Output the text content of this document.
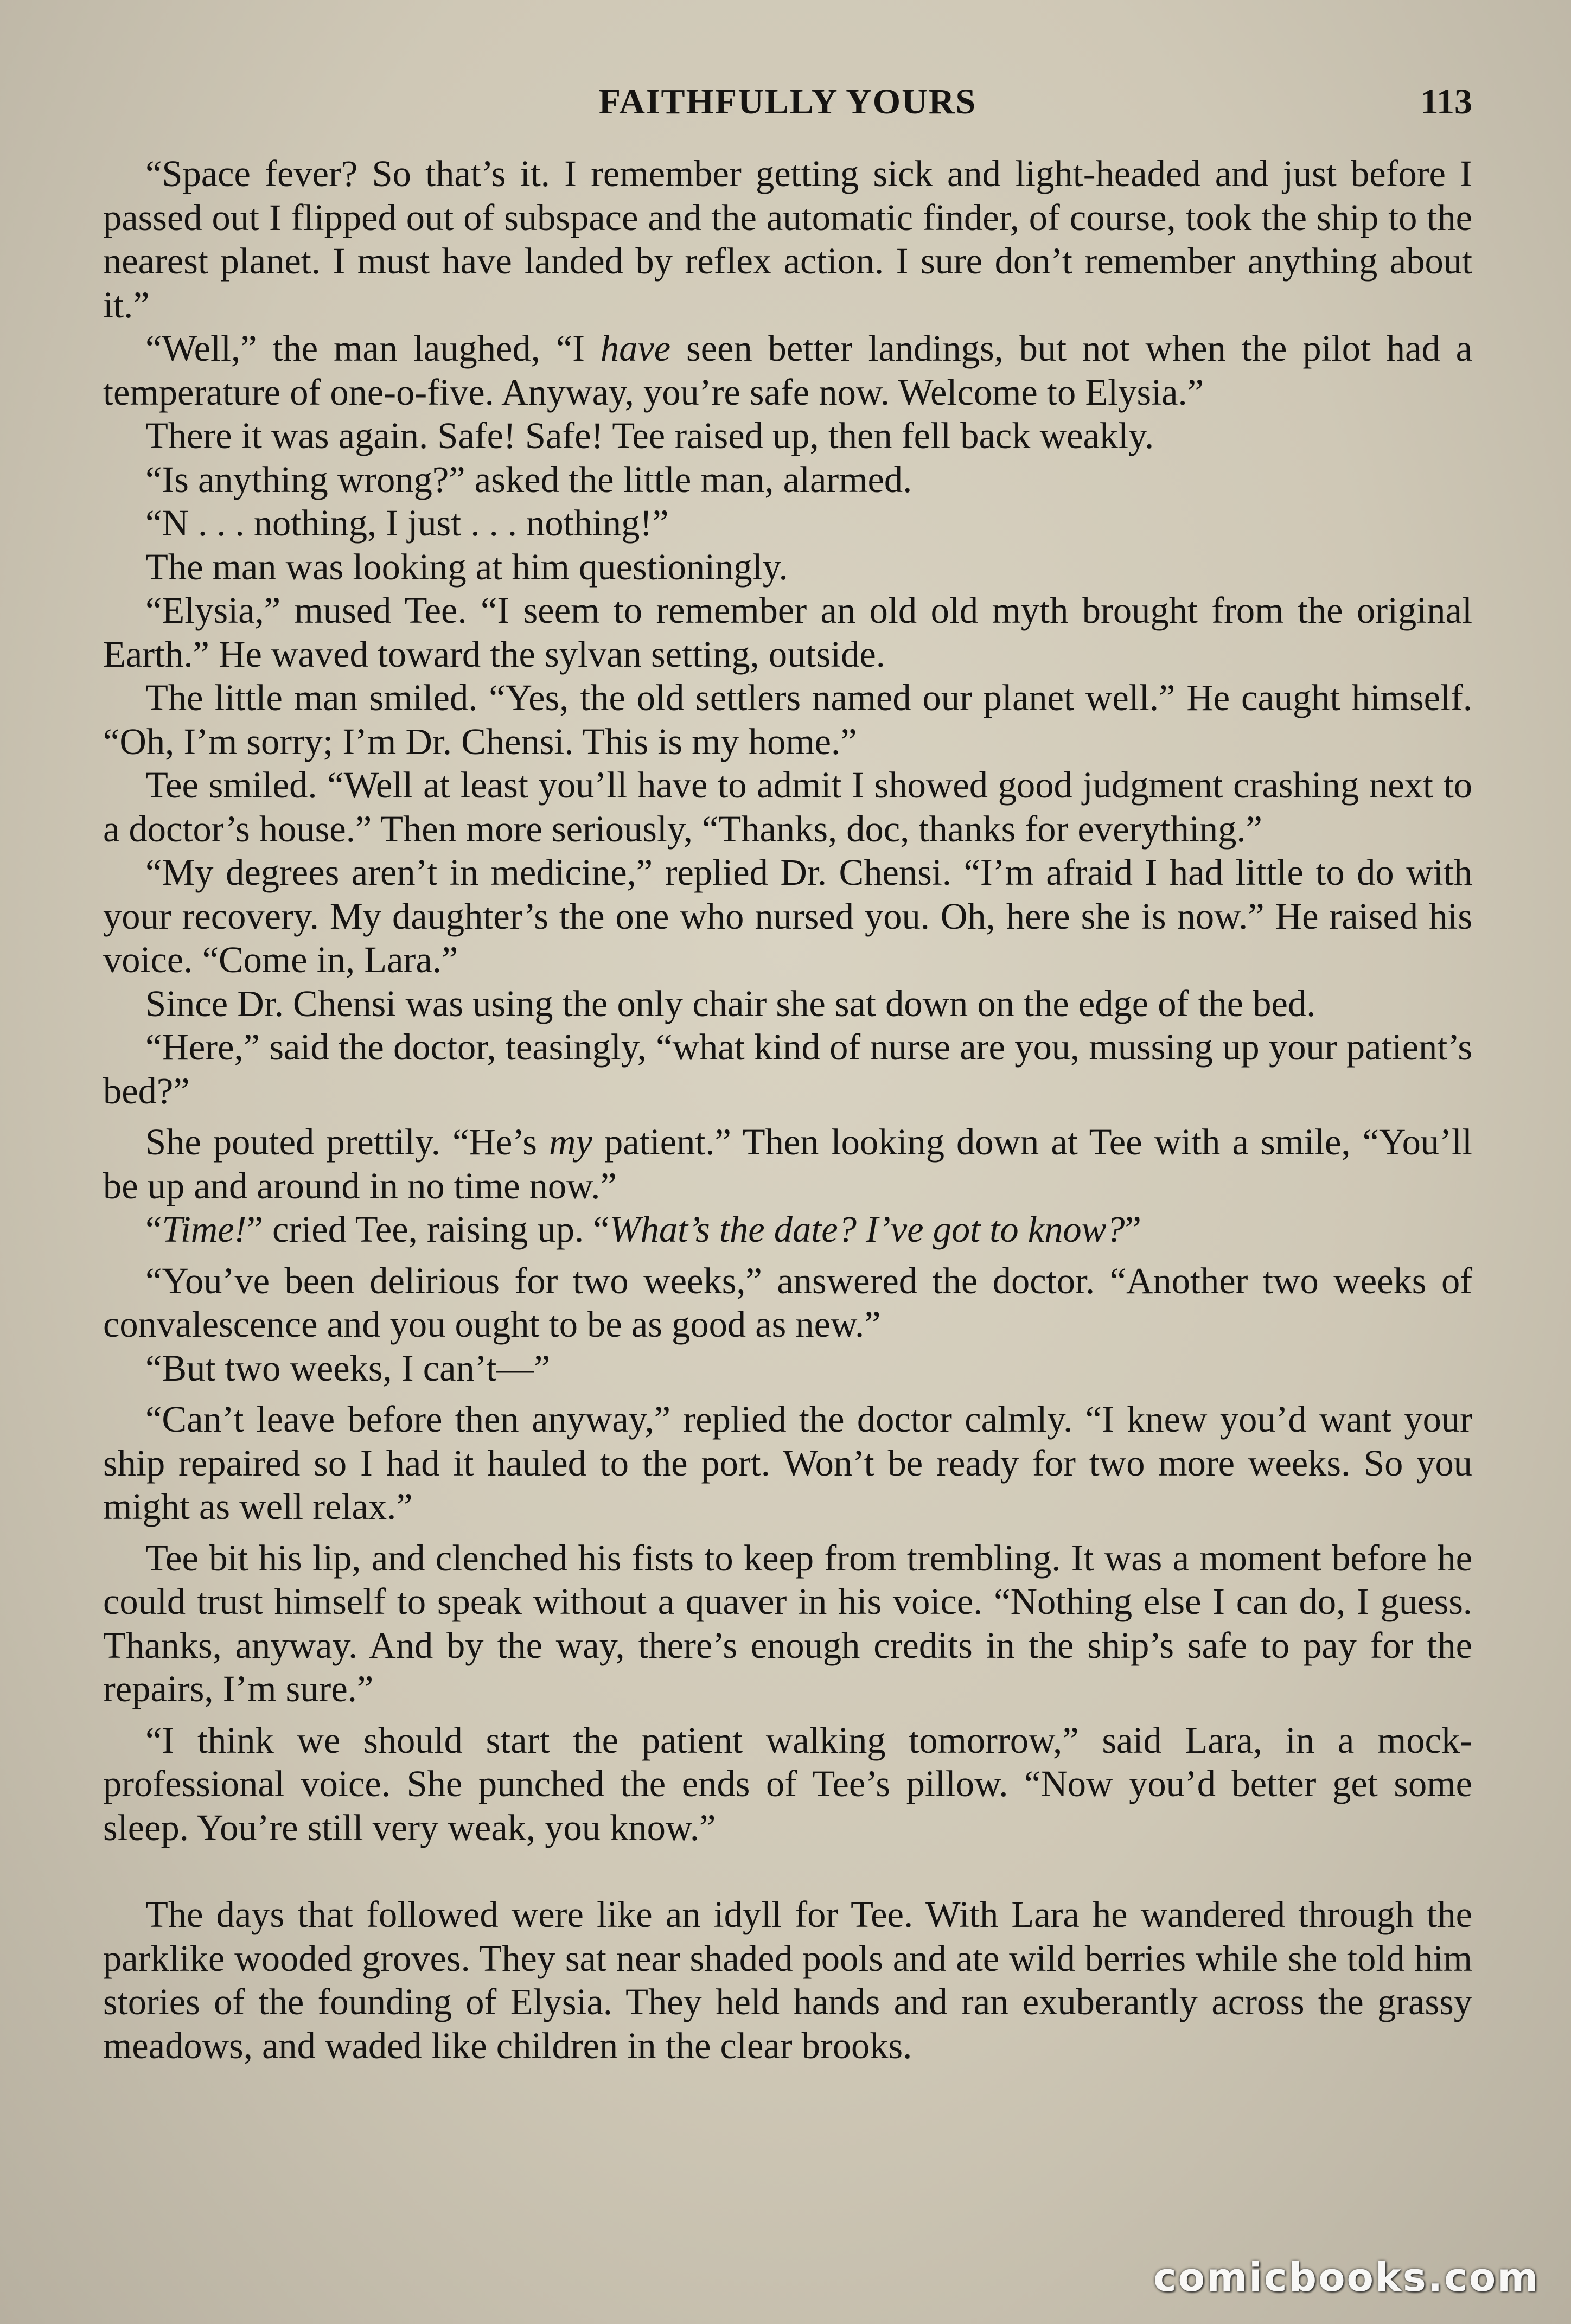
FAITHFULLY YOURS	113

“Space fever? So that’s it. I remember getting sick and light-headed and just before I passed out I flipped out of subspace and the automatic finder, of course, took the ship to the nearest planet. I must have landed by reflex action. I sure don’t remember anything about it.”

“Well,” the man laughed, “I have seen better landings, but not when the pilot had a temperature of one-o-five. Anyway, you’re safe now. Welcome to Elysia.”

There it was again. Safe! Safe! Tee raised up, then fell back weakly.

“Is anything wrong?” asked the little man, alarmed.

“N . . . nothing, I just . . . nothing!”

The man was looking at him questioningly.

“Elysia,” mused Tee. “I seem to remember an old old myth brought from the original Earth.” He waved toward the sylvan setting, outside.

The little man smiled. “Yes, the old settlers named our planet well.” He caught himself. “Oh, I’m sorry; I’m Dr. Chensi. This is my home.”

Tee smiled. “Well at least you’ll have to admit I showed good judgment crashing next to a doctor’s house.” Then more seriously, “Thanks, doc, thanks for everything.”

“My degrees aren’t in medicine,” replied Dr. Chensi. “I’m afraid I had little to do with your recovery. My daughter’s the one who nursed you. Oh, here she is now.” He raised his voice. “Come in, Lara.”

Since Dr. Chensi was using the only chair she sat down on the edge of the bed.

“Here,” said the doctor, teasingly, “what kind of nurse are you, mussing up your patient’s bed?”

She pouted prettily. “He’s my patient.” Then looking down at Tee with a smile, “You’ll be up and around in no time now.”

“Time!” cried Tee, raising up. “What’s the date? I’ve got to know?”

“You’ve been delirious for two weeks,” answered the doctor. “Another two weeks of convalescence and you ought to be as good as new.”

“But two weeks, I can’t—”

“Can’t leave before then anyway,” replied the doctor calmly. “I knew you’d want your ship repaired so I had it hauled to the port. Won’t be ready for two more weeks. So you might as well relax.”

Tee bit his lip, and clenched his fists to keep from trembling. It was a moment before he could trust himself to speak without a quaver in his voice. “Nothing else I can do, I guess. Thanks, anyway. And by the way, there’s enough credits in the ship’s safe to pay for the repairs, I’m sure.”

“I think we should start the patient walking tomorrow,” said Lara, in a mock-professional voice. She punched the ends of Tee’s pillow. “Now you’d better get some sleep. You’re still very weak, you know.”

The days that followed were like an idyll for Tee. With Lara he wandered through the parklike wooded groves. They sat near shaded pools and ate wild berries while she told him stories of the founding of Elysia. They held hands and ran exuberantly across the grassy meadows, and waded like children in the clear brooks.

comicbooks.com
